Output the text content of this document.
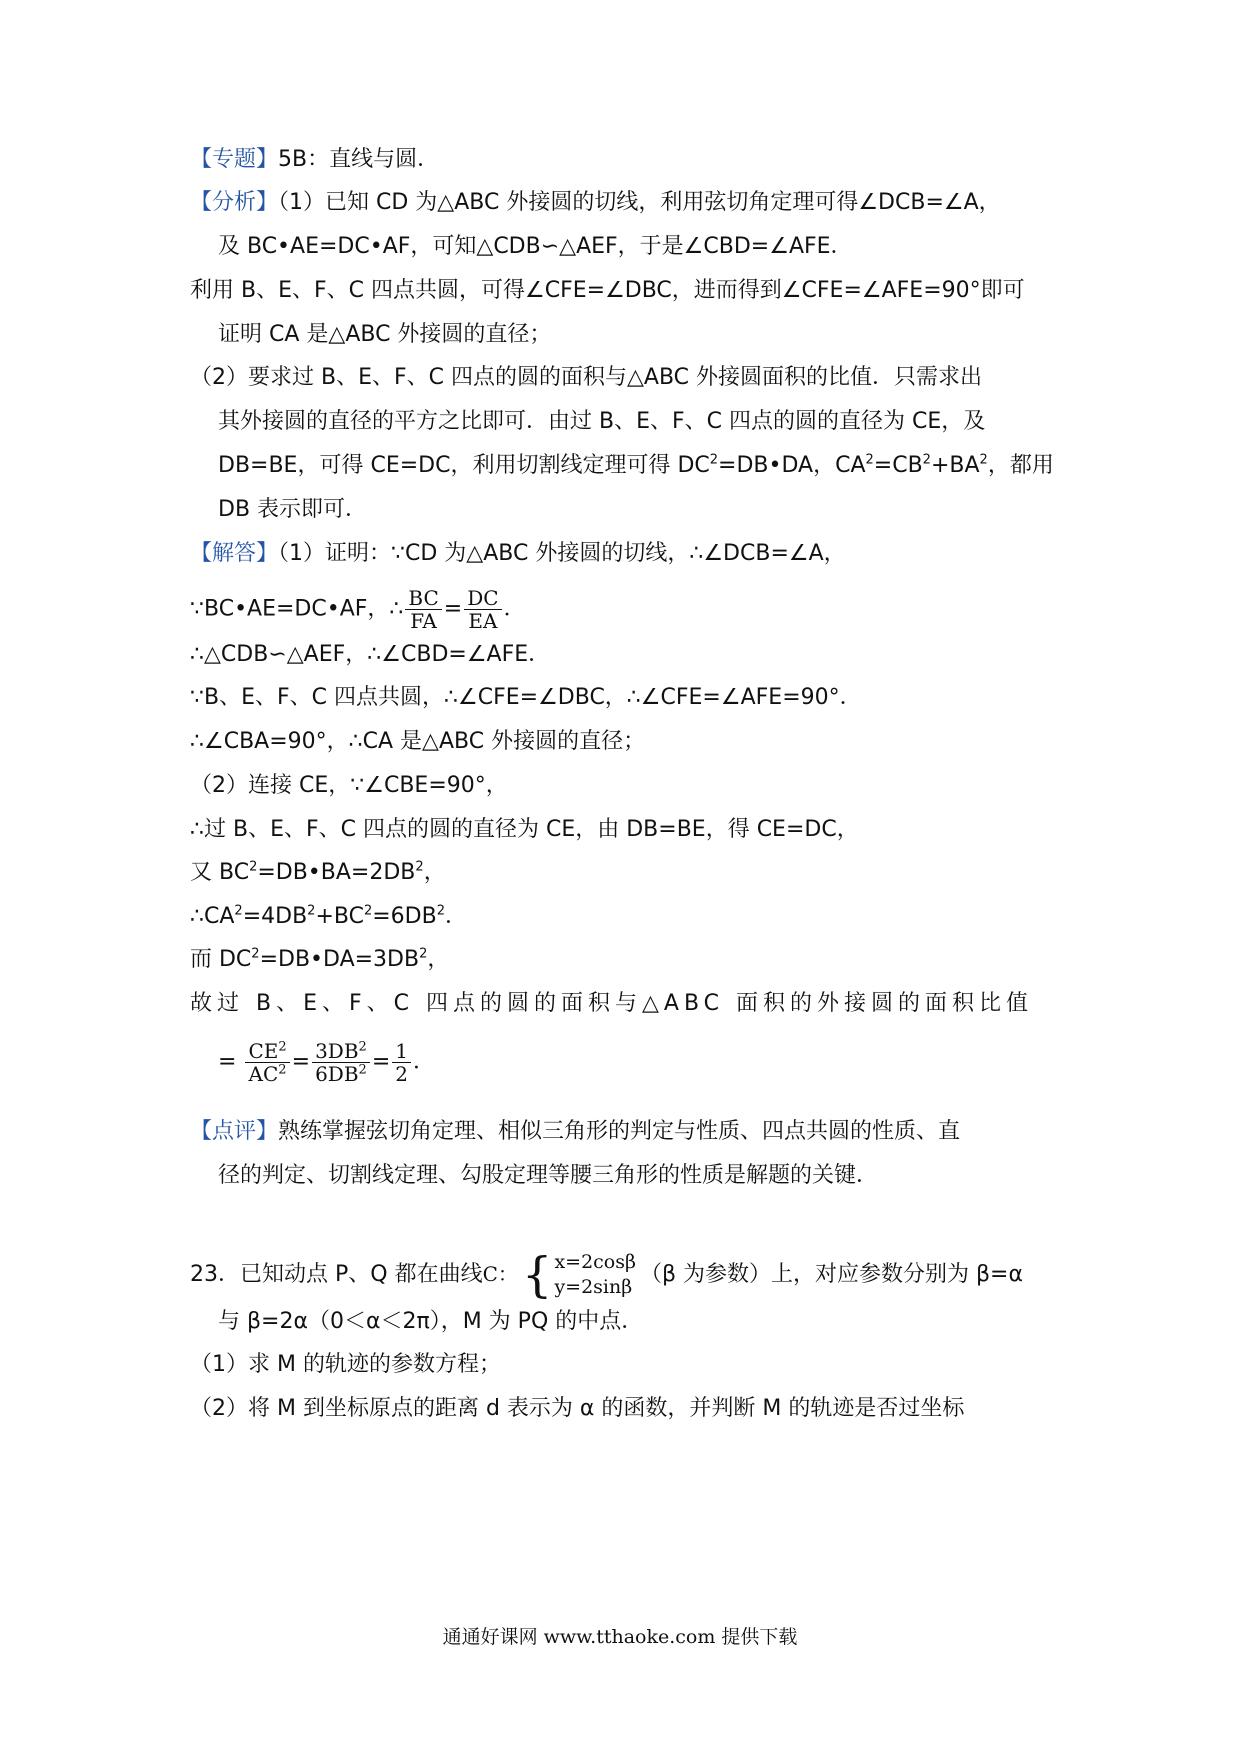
【专题】5B：直线与圆．
【分析】（1）已知 CD 为△ABC 外接圆的切线，利用弦切角定理可得∠DCB=∠A，
及 BC•AE=DC•AF，可知△CDB∽△AEF，于是∠CBD=∠AFE．
利用 B、E、F、C 四点共圆，可得∠CFE=∠DBC，进而得到∠CFE=∠AFE=90°即可
证明 CA 是△ABC 外接圆的直径；
（2）要求过 B、E、F、C 四点的圆的面积与△ABC 外接圆面积的比值．只需求出
其外接圆的直径的平方之比即可．由过 B、E、F、C 四点的圆的直径为 CE，及
DB=BE，可得 CE=DC，利用切割线定理可得 $DC^2=DB•DA$，$CA^2=CB^2+BA^2$，都用
DB 表示即可．
【解答】（1）证明：∵CD 为△ABC 外接圆的切线，∴∠DCB=∠A，
∵BC•AE=DC•AF，∴ $\frac{BC}{FA} = \frac{DC}{EA}$ ．
∴△CDB∽△AEF，∴∠CBD=∠AFE．
∵B、E、F、C 四点共圆，∴∠CFE=∠DBC，∴∠CFE=∠AFE=90°．
∴∠CBA=90°，∴CA 是△ABC 外接圆的直径；
（2）连接 CE，∵∠CBE=90°，
∴过 B、E、F、C 四点的圆的直径为 CE，由 DB=BE，得 CE=DC，
又 $BC^2=DB•BA=2DB^2$，
$\therefore CA^2=4DB^2+BC^2=6DB^2$．
而 $DC^2=DB•DA=3DB^2$，
故过 B、E、F、C 四点的圆的面积与△ABC 面积的外接圆的面积比值
= $\frac{CE^2}{AC^2} = \frac{3DB^2}{6DB^2} = \frac{1}{2}$ ．
【点评】熟练掌握弦切角定理、相似三角形的判定与性质、四点共圆的性质、直
径的判定、切割线定理、勾股定理等腰三角形的性质是解题的关键．
23．已知动点 P、Q 都在曲线C： { x=2cosβ
y=2sinβ （β 为参数）上，对应参数分别为 β=α
与 β=2α（0＜α＜2π），M 为 PQ 的中点．
（1）求 M 的轨迹的参数方程；
（2）将 M 到坐标原点的距离 d 表示为 α 的函数，并判断 M 的轨迹是否过坐标
通通好课网 www.tthaoke.com 提供下载
